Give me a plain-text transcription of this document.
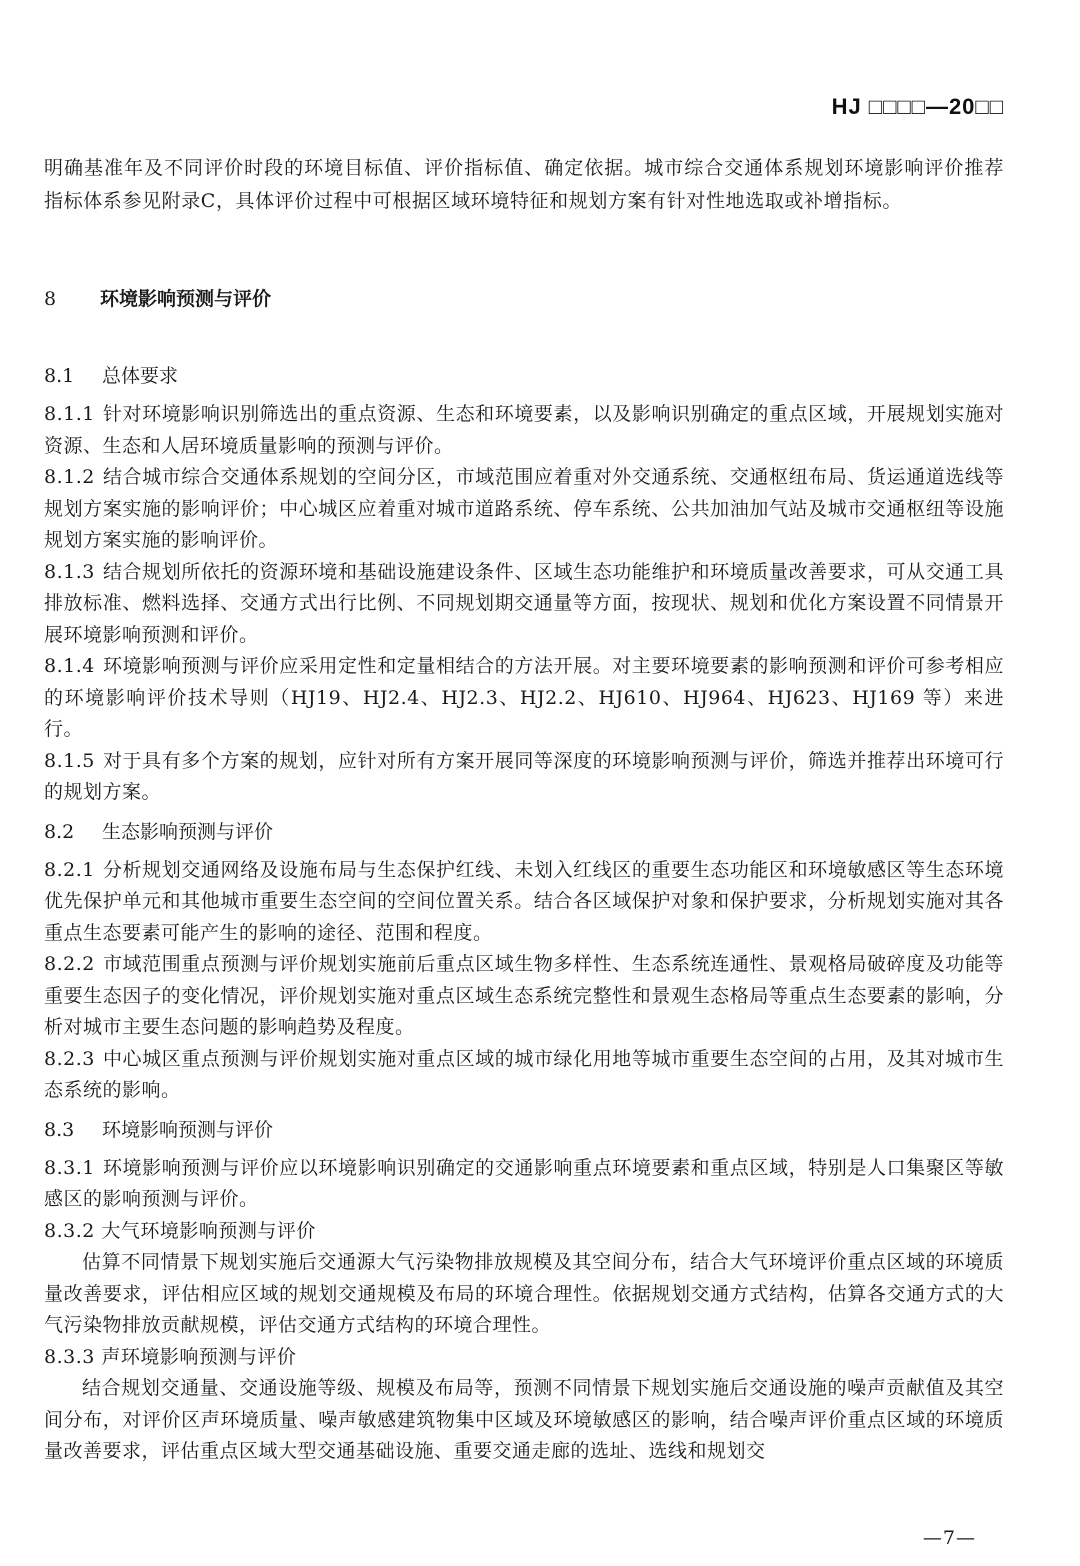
HJ □□□□—20□□

明确基准年及不同评价时段的环境目标值、评价指标值、确定依据。城市综合交通体系规划环境影响评价推荐指标体系参见附录C，具体评价过程中可根据区域环境特征和规划方案有针对性地选取或补增指标。

8 环境影响预测与评价
8.1 总体要求

8.1.1 针对环境影响识别筛选出的重点资源、生态和环境要素，以及影响识别确定的重点区域，开展规划实施对资源、生态和人居环境质量影响的预测与评价。

8.1.2 结合城市综合交通体系规划的空间分区，市域范围应着重对外交通系统、交通枢纽布局、货运通道选线等规划方案实施的影响评价；中心城区应着重对城市道路系统、停车系统、公共加油加气站及城市交通枢纽等设施规划方案实施的影响评价。

8.1.3 结合规划所依托的资源环境和基础设施建设条件、区域生态功能维护和环境质量改善要求，可从交通工具排放标准、燃料选择、交通方式出行比例、不同规划期交通量等方面，按现状、规划和优化方案设置不同情景开展环境影响预测和评价。

8.1.4 环境影响预测与评价应采用定性和定量相结合的方法开展。对主要环境要素的影响预测和评价可参考相应的环境影响评价技术导则（HJ19、HJ2.4、HJ2.3、HJ2.2、HJ610、HJ964、HJ623、HJ169 等）来进行。

8.1.5 对于具有多个方案的规划，应针对所有方案开展同等深度的环境影响预测与评价，筛选并推荐出环境可行的规划方案。

8.2 生态影响预测与评价

8.2.1 分析规划交通网络及设施布局与生态保护红线、未划入红线区的重要生态功能区和环境敏感区等生态环境优先保护单元和其他城市重要生态空间的空间位置关系。结合各区域保护对象和保护要求，分析规划实施对其各重点生态要素可能产生的影响的途径、范围和程度。

8.2.2 市域范围重点预测与评价规划实施前后重点区域生物多样性、生态系统连通性、景观格局破碎度及功能等重要生态因子的变化情况，评价规划实施对重点区域生态系统完整性和景观生态格局等重点生态要素的影响，分析对城市主要生态问题的影响趋势及程度。

8.2.3 中心城区重点预测与评价规划实施对重点区域的城市绿化用地等城市重要生态空间的占用，及其对城市生态系统的影响。

8.3 环境影响预测与评价

8.3.1 环境影响预测与评价应以环境影响识别确定的交通影响重点环境要素和重点区域，特别是人口集聚区等敏感区的影响预测与评价。

8.3.2 大气环境影响预测与评价

估算不同情景下规划实施后交通源大气污染物排放规模及其空间分布，结合大气环境评价重点区域的环境质量改善要求，评估相应区域的规划交通规模及布局的环境合理性。依据规划交通方式结构，估算各交通方式的大气污染物排放贡献规模，评估交通方式结构的环境合理性。

8.3.3 声环境影响预测与评价

结合规划交通量、交通设施等级、规模及布局等，预测不同情景下规划实施后交通设施的噪声贡献值及其空间分布，对评价区声环境质量、噪声敏感建筑物集中区域及环境敏感区的影响，结合噪声评价重点区域的环境质量改善要求，评估重点区域大型交通基础设施、重要交通走廊的选址、选线和规划交

—7—
